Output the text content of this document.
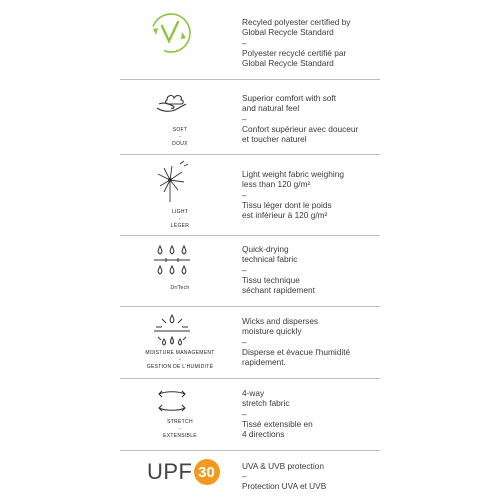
Recyled polyester certified by
Global Recycle Standard
–
Polyester recyclé certifié par
Global Recycle Standard
SOFT
-
DOUX
Superior comfort with soft
and natural feel
–
Confort supérieur avec douceur
et toucher naturel
LIGHT
-
LÉGER
Light weight fabric weighing
less than 120 g/m²
–
Tissu léger dont le poids
est inférieur à 120 g/m²
DriTech
Quick-drying
technical fabric
–
Tissu technique
séchant rapidement
MOISTURE MANAGEMENT
-
GESTION DE L'HUMIDITÉ
Wicks and disperses
moisture quickly
–
Disperse et évacue l'humidité
rapidement.
STRETCH
-
EXTENSIBLE
4-way
stretch fabric
–
Tissé extensible en
4 directions
UPF 30	UVA & UVB protection
–
Protection UVA et UVB
